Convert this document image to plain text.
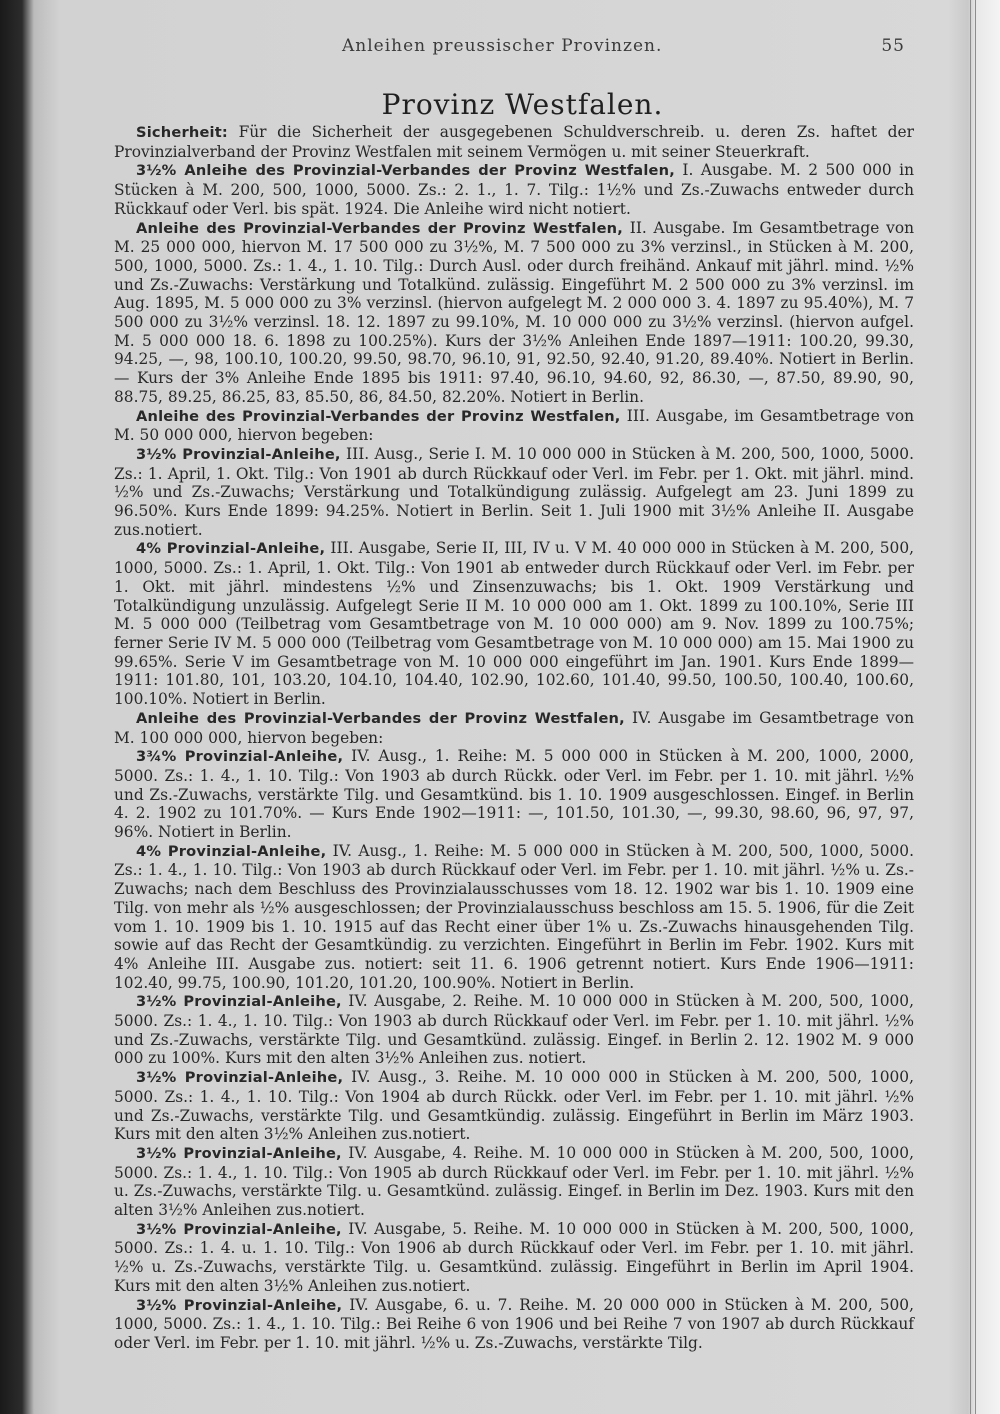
Anleihen preussischer Provinzen.	55
Provinz Westfalen.

Sicherheit: Für die Sicherheit der ausgegebenen Schuldverschreib. u. deren Zs. haftet der Provinzialverband der Provinz Westfalen mit seinem Vermögen u. mit seiner Steuerkraft.

3½% Anleihe des Provinzial-Verbandes der Provinz Westfalen, I. Ausgabe. M. 2 500 000 in Stücken à M. 200, 500, 1000, 5000. Zs.: 2. 1., 1. 7. Tilg.: 1½% und Zs.-Zuwachs entweder durch Rückkauf oder Verl. bis spät. 1924. Die Anleihe wird nicht notiert.

Anleihe des Provinzial-Verbandes der Provinz Westfalen, II. Ausgabe. Im Gesamtbetrage von M. 25 000 000, hiervon M. 17 500 000 zu 3½%, M. 7 500 000 zu 3% verzinsl., in Stücken à M. 200, 500, 1000, 5000. Zs.: 1. 4., 1. 10. Tilg.: Durch Ausl. oder durch freihänd. Ankauf mit jährl. mind. ½% und Zs.-Zuwachs: Verstärkung und Totalkünd. zulässig. Eingeführt M. 2 500 000 zu 3% verzinsl. im Aug. 1895, M. 5 000 000 zu 3% verzinsl. (hiervon aufgelegt M. 2 000 000 3. 4. 1897 zu 95.40%), M. 7 500 000 zu 3½% verzinsl. 18. 12. 1897 zu 99.10%, M. 10 000 000 zu 3½% verzinsl. (hiervon aufgel. M. 5 000 000 18. 6. 1898 zu 100.25%). Kurs der 3½% Anleihen Ende 1897—1911: 100.20, 99.30, 94.25, —, 98, 100.10, 100.20, 99.50, 98.70, 96.10, 91, 92.50, 92.40, 91.20, 89.40%. Notiert in Berlin. — Kurs der 3% Anleihe Ende 1895 bis 1911: 97.40, 96.10, 94.60, 92, 86.30, —, 87.50, 89.90, 90, 88.75, 89.25, 86.25, 83, 85.50, 86, 84.50, 82.20%. Notiert in Berlin.

Anleihe des Provinzial-Verbandes der Provinz Westfalen, III. Ausgabe, im Gesamtbetrage von M. 50 000 000, hiervon begeben:

3½% Provinzial-Anleihe, III. Ausg., Serie I. M. 10 000 000 in Stücken à M. 200, 500, 1000, 5000. Zs.: 1. April, 1. Okt. Tilg.: Von 1901 ab durch Rückkauf oder Verl. im Febr. per 1. Okt. mit jährl. mind. ½% und Zs.-Zuwachs; Verstärkung und Totalkündigung zulässig. Aufgelegt am 23. Juni 1899 zu 96.50%. Kurs Ende 1899: 94.25%. Notiert in Berlin. Seit 1. Juli 1900 mit 3½% Anleihe II. Ausgabe zus.notiert.

4% Provinzial-Anleihe, III. Ausgabe, Serie II, III, IV u. V M. 40 000 000 in Stücken à M. 200, 500, 1000, 5000. Zs.: 1. April, 1. Okt. Tilg.: Von 1901 ab entweder durch Rückkauf oder Verl. im Febr. per 1. Okt. mit jährl. mindestens ½% und Zinsenzuwachs; bis 1. Okt. 1909 Verstärkung und Totalkündigung unzulässig. Aufgelegt Serie II M. 10 000 000 am 1. Okt. 1899 zu 100.10%, Serie III M. 5 000 000 (Teilbetrag vom Gesamtbetrage von M. 10 000 000) am 9. Nov. 1899 zu 100.75%; ferner Serie IV M. 5 000 000 (Teilbetrag vom Gesamtbetrage von M. 10 000 000) am 15. Mai 1900 zu 99.65%. Serie V im Gesamtbetrage von M. 10 000 000 eingeführt im Jan. 1901. Kurs Ende 1899—1911: 101.80, 101, 103.20, 104.10, 104.40, 102.90, 102.60, 101.40, 99.50, 100.50, 100.40, 100.60, 100.10%. Notiert in Berlin.

Anleihe des Provinzial-Verbandes der Provinz Westfalen, IV. Ausgabe im Gesamtbetrage von M. 100 000 000, hiervon begeben:

3¾% Provinzial-Anleihe, IV. Ausg., 1. Reihe: M. 5 000 000 in Stücken à M. 200, 1000, 2000, 5000. Zs.: 1. 4., 1. 10. Tilg.: Von 1903 ab durch Rückk. oder Verl. im Febr. per 1. 10. mit jährl. ½% und Zs.-Zuwachs, verstärkte Tilg. und Gesamtkünd. bis 1. 10. 1909 ausgeschlossen. Eingef. in Berlin 4. 2. 1902 zu 101.70%. — Kurs Ende 1902—1911: —, 101.50, 101.30, —, 99.30, 98.60, 96, 97, 97, 96%. Notiert in Berlin.

4% Provinzial-Anleihe, IV. Ausg., 1. Reihe: M. 5 000 000 in Stücken à M. 200, 500, 1000, 5000. Zs.: 1. 4., 1. 10. Tilg.: Von 1903 ab durch Rückkauf oder Verl. im Febr. per 1. 10. mit jährl. ½% u. Zs.-Zuwachs; nach dem Beschluss des Provinzialausschusses vom 18. 12. 1902 war bis 1. 10. 1909 eine Tilg. von mehr als ½% ausgeschlossen; der Provinzialausschuss beschloss am 15. 5. 1906, für die Zeit vom 1. 10. 1909 bis 1. 10. 1915 auf das Recht einer über 1% u. Zs.-Zuwachs hinausgehenden Tilg. sowie auf das Recht der Gesamtkündig. zu verzichten. Eingeführt in Berlin im Febr. 1902. Kurs mit 4% Anleihe III. Ausgabe zus. notiert: seit 11. 6. 1906 getrennt notiert. Kurs Ende 1906—1911: 102.40, 99.75, 100.90, 101.20, 101.20, 100.90%. Notiert in Berlin.

3½% Provinzial-Anleihe, IV. Ausgabe, 2. Reihe. M. 10 000 000 in Stücken à M. 200, 500, 1000, 5000. Zs.: 1. 4., 1. 10. Tilg.: Von 1903 ab durch Rückkauf oder Verl. im Febr. per 1. 10. mit jährl. ½% und Zs.-Zuwachs, verstärkte Tilg. und Gesamtkünd. zulässig. Eingef. in Berlin 2. 12. 1902 M. 9 000 000 zu 100%. Kurs mit den alten 3½% Anleihen zus. notiert.

3½% Provinzial-Anleihe, IV. Ausg., 3. Reihe. M. 10 000 000 in Stücken à M. 200, 500, 1000, 5000. Zs.: 1. 4., 1. 10. Tilg.: Von 1904 ab durch Rückk. oder Verl. im Febr. per 1. 10. mit jährl. ½% und Zs.-Zuwachs, verstärkte Tilg. und Gesamtkündig. zulässig. Eingeführt in Berlin im März 1903. Kurs mit den alten 3½% Anleihen zus.notiert.

3½% Provinzial-Anleihe, IV. Ausgabe, 4. Reihe. M. 10 000 000 in Stücken à M. 200, 500, 1000, 5000. Zs.: 1. 4., 1. 10. Tilg.: Von 1905 ab durch Rückkauf oder Verl. im Febr. per 1. 10. mit jährl. ½% u. Zs.-Zuwachs, verstärkte Tilg. u. Gesamtkünd. zulässig. Eingef. in Berlin im Dez. 1903. Kurs mit den alten 3½% Anleihen zus.notiert.

3½% Provinzial-Anleihe, IV. Ausgabe, 5. Reihe. M. 10 000 000 in Stücken à M. 200, 500, 1000, 5000. Zs.: 1. 4. u. 1. 10. Tilg.: Von 1906 ab durch Rückkauf oder Verl. im Febr. per 1. 10. mit jährl. ½% u. Zs.-Zuwachs, verstärkte Tilg. u. Gesamtkünd. zulässig. Eingeführt in Berlin im April 1904. Kurs mit den alten 3½% Anleihen zus.notiert.

3½% Provinzial-Anleihe, IV. Ausgabe, 6. u. 7. Reihe. M. 20 000 000 in Stücken à M. 200, 500, 1000, 5000. Zs.: 1. 4., 1. 10. Tilg.: Bei Reihe 6 von 1906 und bei Reihe 7 von 1907 ab durch Rückkauf oder Verl. im Febr. per 1. 10. mit jährl. ½% u. Zs.-Zuwachs, verstärkte Tilg.
